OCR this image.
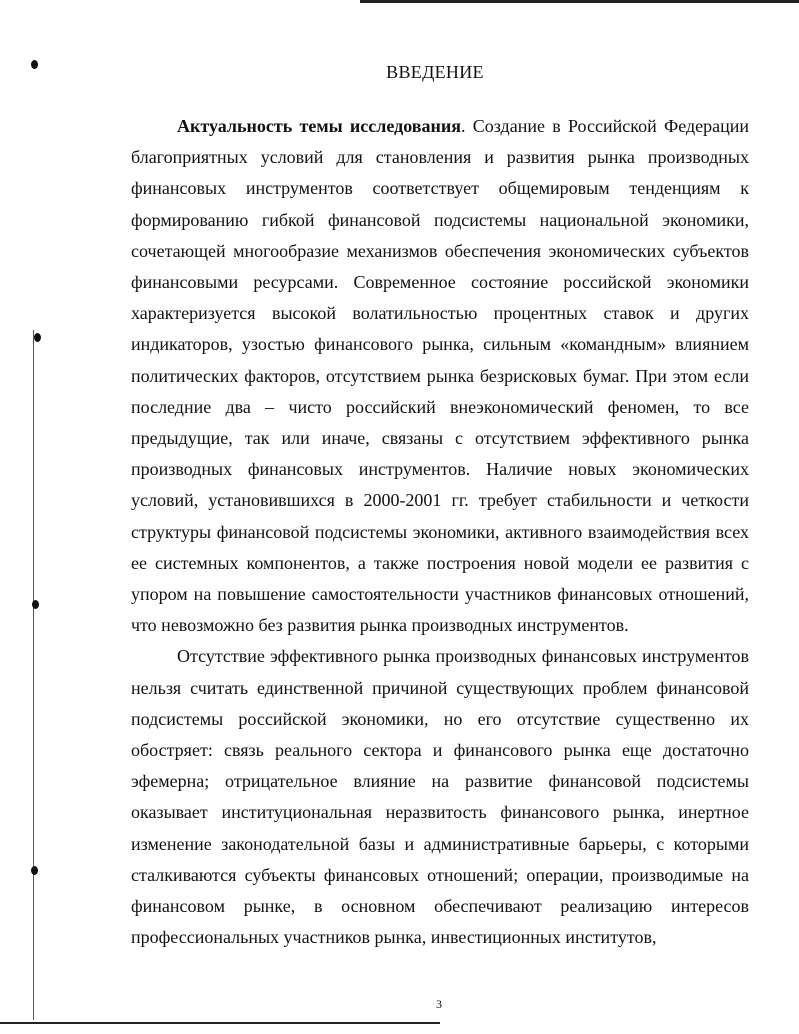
ВВЕДЕНИЕ

Актуальность темы исследования. Создание в Российской Федерации благоприятных условий для становления и развития рынка производных финансовых инструментов соответствует общемировым тенденциям к формированию гибкой финансовой подсистемы национальной экономики, сочетающей многообразие механизмов обеспечения экономических субъектов финансовыми ресурсами. Современное состояние российской экономики характеризуется высокой волатильностью процентных ставок и других индикаторов, узостью финансового рынка, сильным «командным» влиянием политических факторов, отсутствием рынка безрисковых бумаг. При этом если последние два – чисто российский внеэкономический феномен, то все предыдущие, так или иначе, связаны с отсутствием эффективного рынка производных финансовых инструментов. Наличие новых экономических условий, установившихся в 2000-2001 гг. требует стабильности и четкости структуры финансовой подсистемы экономики, активного взаимодействия всех ее системных компонентов, а также построения новой модели ее развития с упором на повышение самостоятельности участников финансовых отношений, что невозможно без развития рынка производных инструментов.

Отсутствие эффективного рынка производных финансовых инструментов нельзя считать единственной причиной существующих проблем финансовой подсистемы российской экономики, но его отсутствие существенно их обостряет: связь реального сектора и финансового рынка еще достаточно эфемерна; отрицательное влияние на развитие финансовой подсистемы оказывает институциональная неразвитость финансового рынка, инертное изменение законодательной базы и административные барьеры, с которыми сталкиваются субъекты финансовых отношений; операции, производимые на финансовом рынке, в основном обеспечивают реализацию интересов профессиональных участников рынка, инвестиционных институтов,

3
